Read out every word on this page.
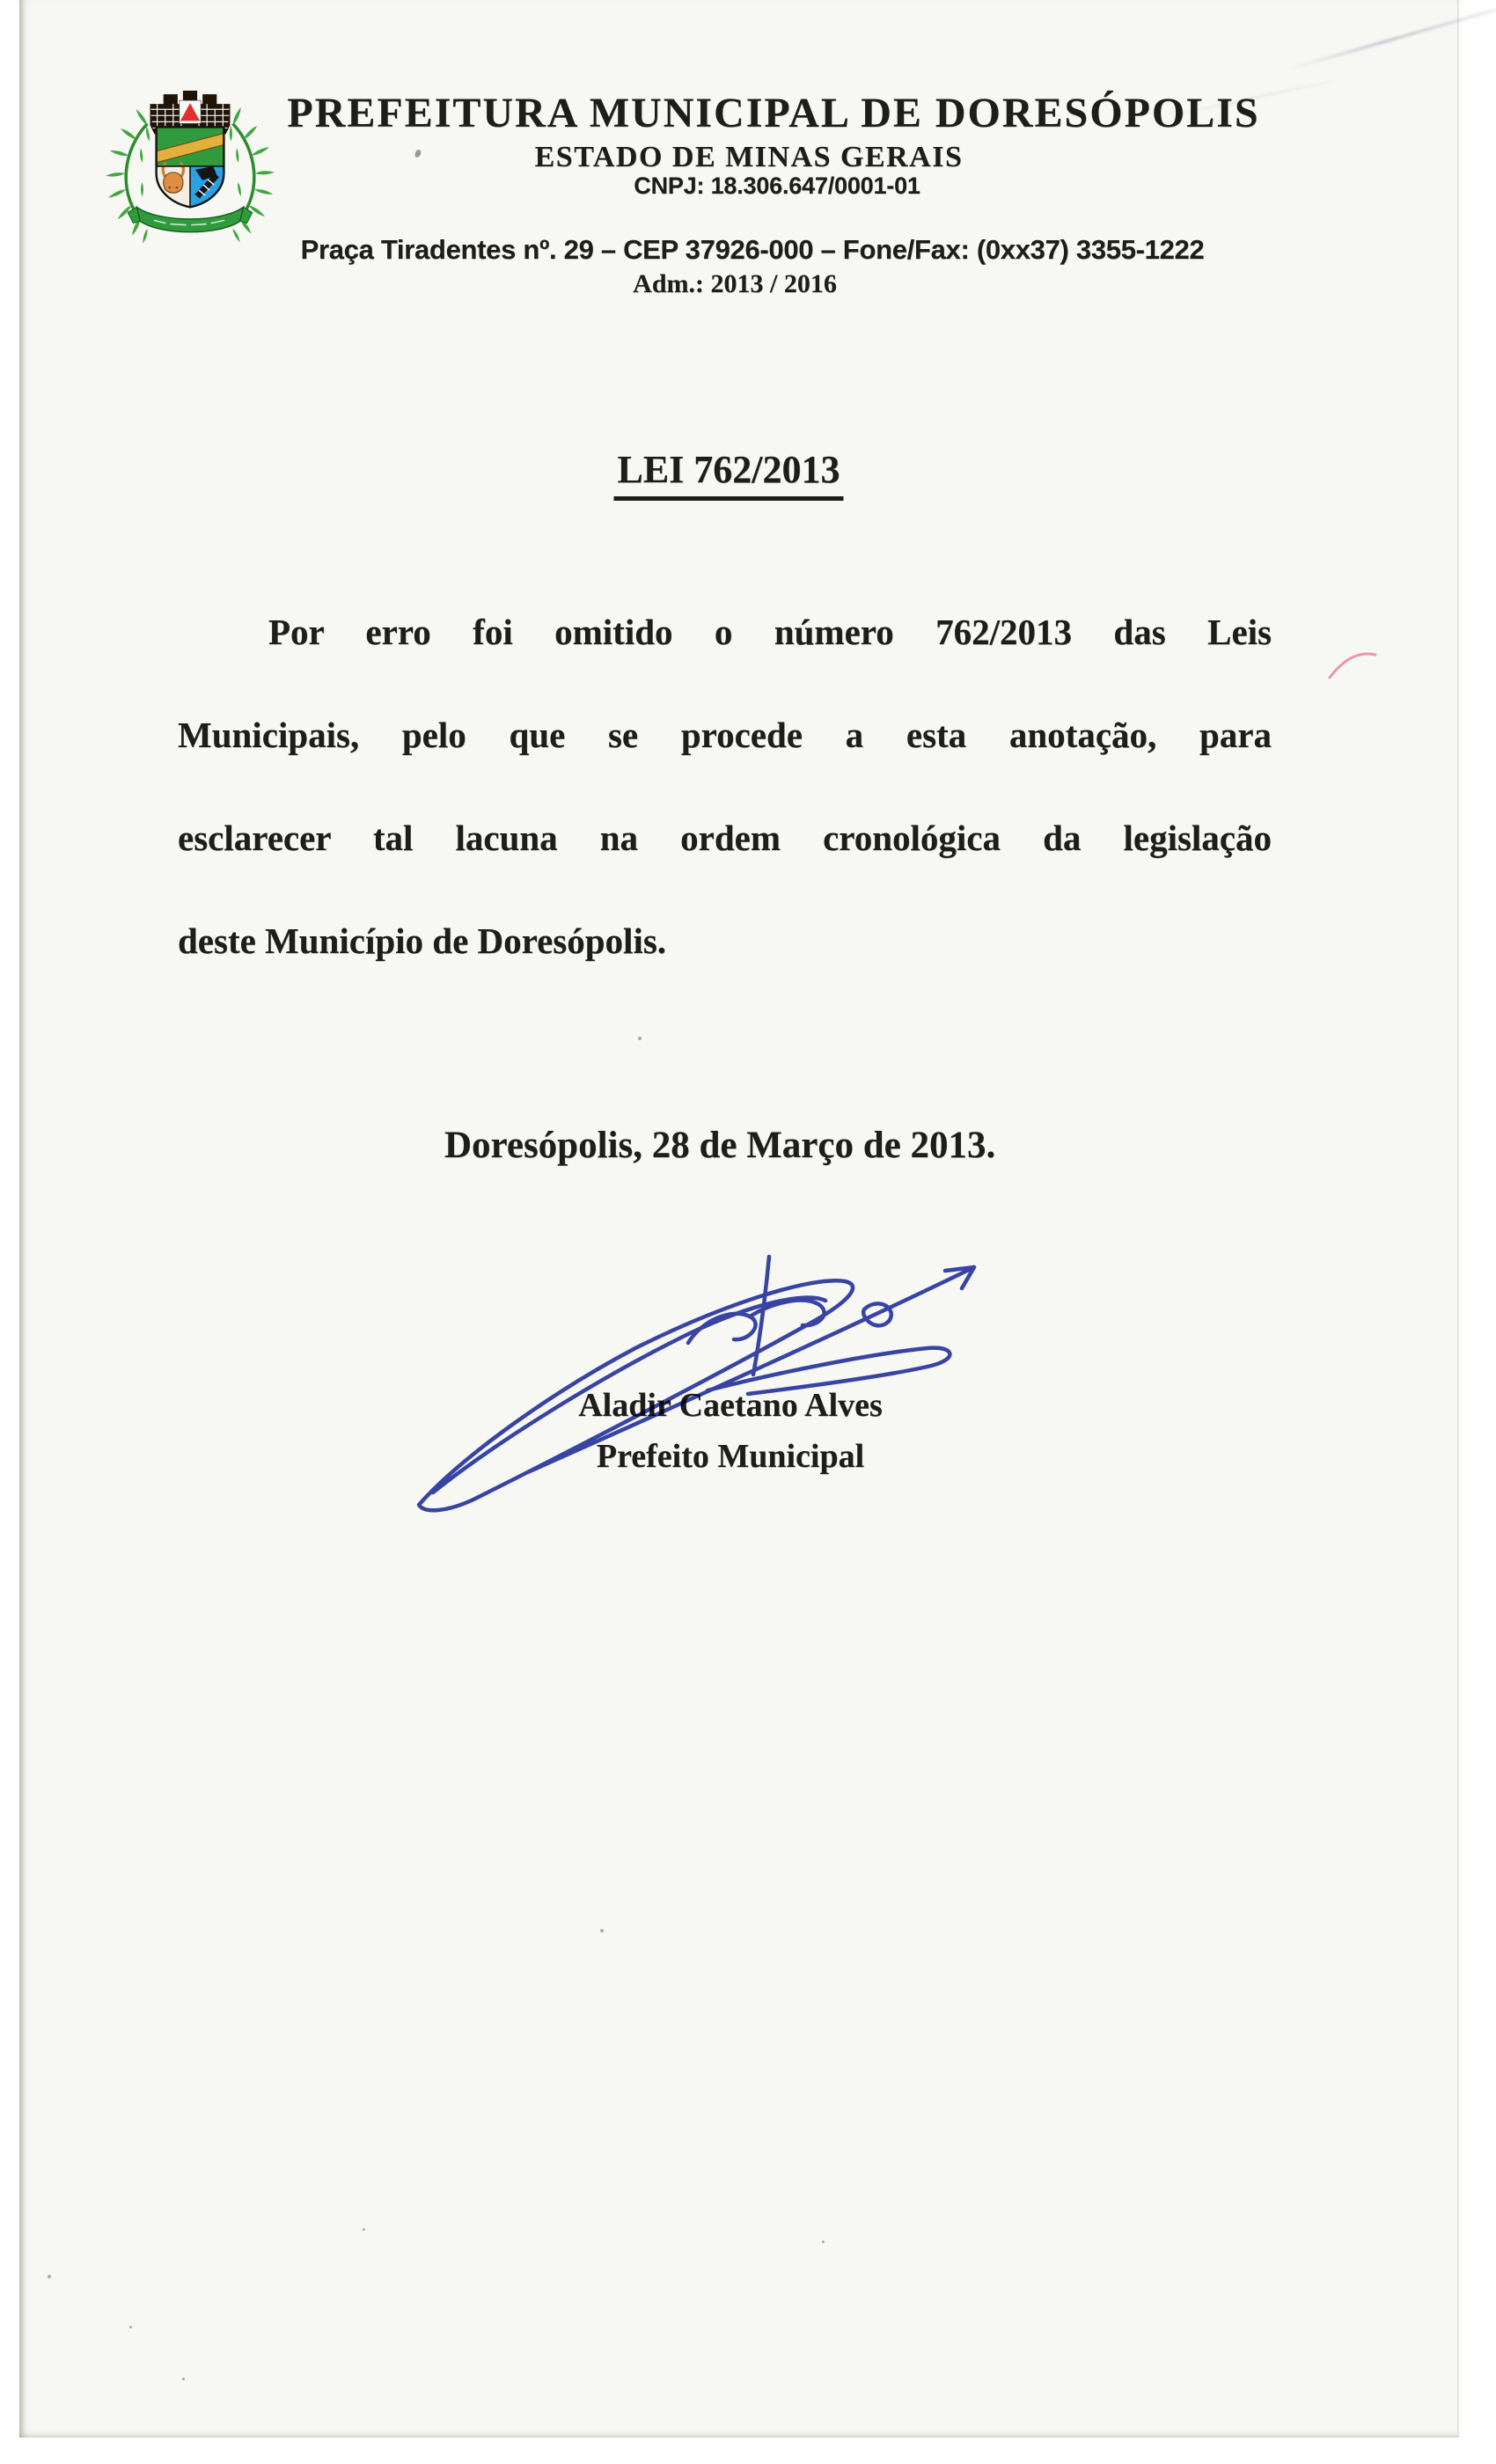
PREFEITURA MUNICIPAL DE DORESÓPOLIS
ESTADO DE MINAS GERAIS
CNPJ: 18.306.647/0001-01
Praça Tiradentes nº. 29 – CEP 37926-000 – Fone/Fax: (0xx37) 3355-1222
Adm.: 2013 / 2016
LEI 762/2013
Por erro foi omitido o número 762/2013 das Leis
Municipais, pelo que se procede a esta anotação, para
esclarecer tal lacuna na ordem cronológica da legislação
deste Município de Doresópolis.
Doresópolis, 28 de Março de 2013.
Aladir Caetano Alves
Prefeito Municipal
